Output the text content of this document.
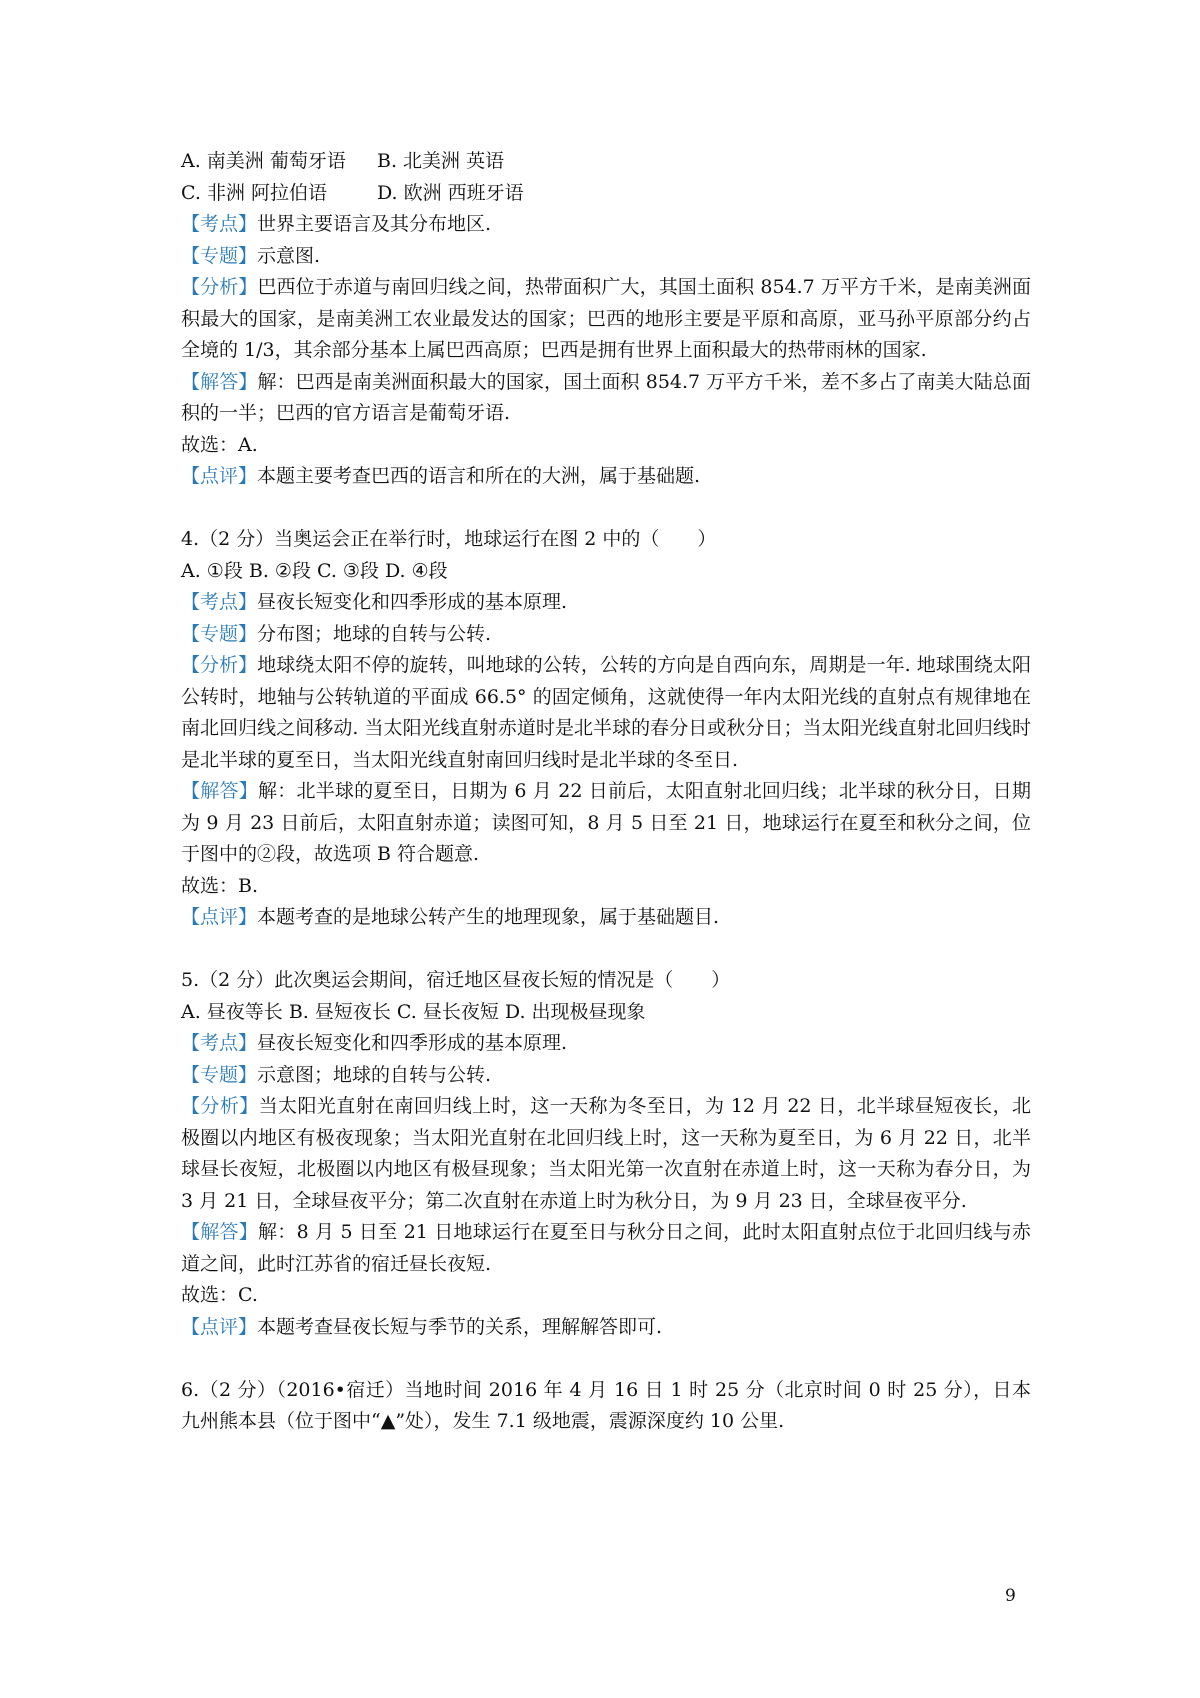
A. 南美洲 葡萄牙语 B. 北美洲 英语
C. 非洲 阿拉伯语	D. 欧洲 西班牙语
【考点】世界主要语言及其分布地区.
【专题】示意图.
【分析】巴西位于赤道与南回归线之间，热带面积广大，其国土面积 854.7 万平方千米，是南美洲面积最大的国家，是南美洲工农业最发达的国家；巴西的地形主要是平原和高原，亚马孙平原部分约占全境的 1/3，其余部分基本上属巴西高原；巴西是拥有世界上面积最大的热带雨林的国家.
【解答】解：巴西是南美洲面积最大的国家，国土面积 854.7 万平方千米，差不多占了南美大陆总面积的一半；巴西的官方语言是葡萄牙语.
故选：A.
【点评】本题主要考查巴西的语言和所在的大洲，属于基础题.
4.（2 分）当奥运会正在举行时，地球运行在图 2 中的（　　）
A. ①段 B. ②段 C. ③段 D. ④段
【考点】昼夜长短变化和四季形成的基本原理.
【专题】分布图；地球的自转与公转.
【分析】地球绕太阳不停的旋转，叫地球的公转，公转的方向是自西向东，周期是一年. 地球围绕太阳公转时，地轴与公转轨道的平面成 66.5° 的固定倾角，这就使得一年内太阳光线的直射点有规律地在南北回归线之间移动. 当太阳光线直射赤道时是北半球的春分日或秋分日；当太阳光线直射北回归线时是北半球的夏至日，当太阳光线直射南回归线时是北半球的冬至日.
【解答】解：北半球的夏至日，日期为 6 月 22 日前后，太阳直射北回归线；北半球的秋分日，日期为 9 月 23 日前后，太阳直射赤道；读图可知，8 月 5 日至 21 日，地球运行在夏至和秋分之间，位于图中的②段，故选项 B 符合题意.
故选：B.
【点评】本题考查的是地球公转产生的地理现象，属于基础题目.
5.（2 分）此次奥运会期间，宿迁地区昼夜长短的情况是（　　）
A. 昼夜等长 B. 昼短夜长 C. 昼长夜短 D. 出现极昼现象
【考点】昼夜长短变化和四季形成的基本原理.
【专题】示意图；地球的自转与公转.
【分析】当太阳光直射在南回归线上时，这一天称为冬至日，为 12 月 22 日，北半球昼短夜长，北极圈以内地区有极夜现象；当太阳光直射在北回归线上时，这一天称为夏至日，为 6 月 22 日，北半球昼长夜短，北极圈以内地区有极昼现象；当太阳光第一次直射在赤道上时，这一天称为春分日，为 3 月 21 日，全球昼夜平分；第二次直射在赤道上时为秋分日，为 9 月 23 日，全球昼夜平分.
【解答】解：8 月 5 日至 21 日地球运行在夏至日与秋分日之间，此时太阳直射点位于北回归线与赤道之间，此时江苏省的宿迁昼长夜短.
故选：C.
【点评】本题考查昼夜长短与季节的关系，理解解答即可.
6.（2 分）（2016•宿迁）当地时间 2016 年 4 月 16 日 1 时 25 分（北京时间 0 时 25 分），日本九州熊本县（位于图中“▲”处），发生 7.1 级地震，震源深度约 10 公里.
9
